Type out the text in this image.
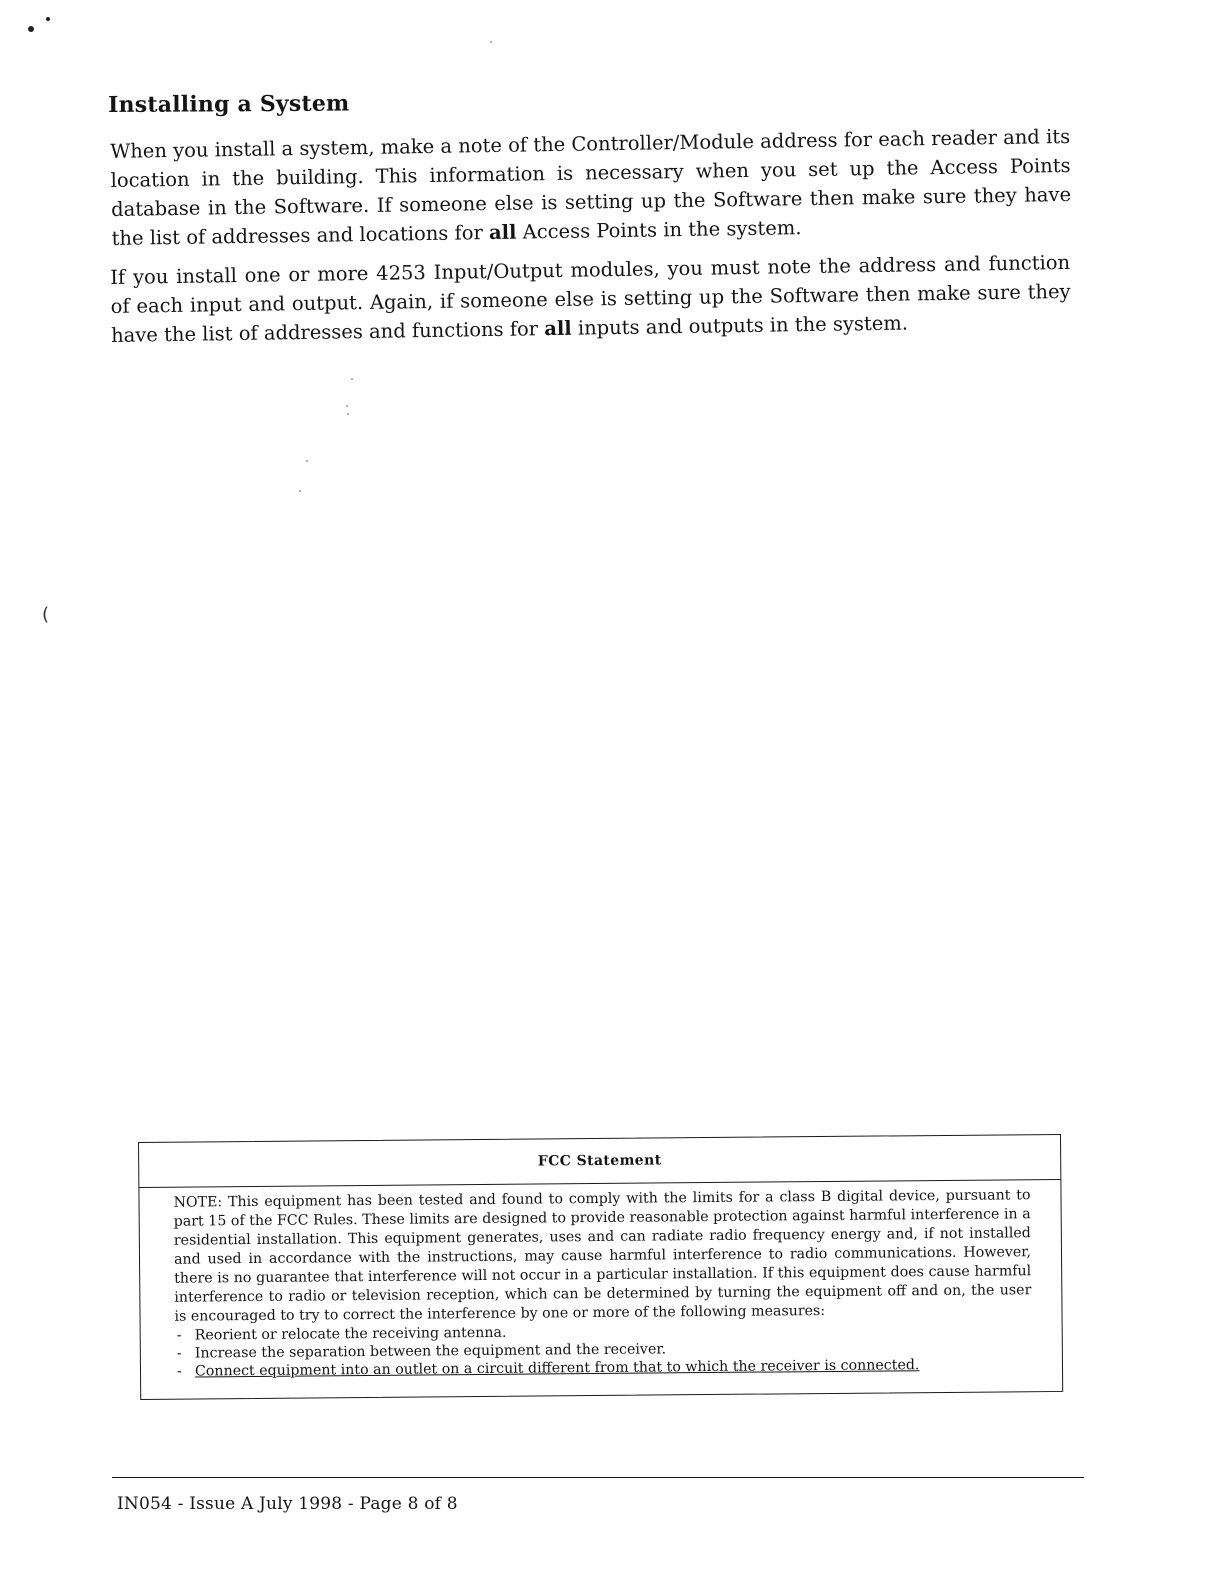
(
Installing a System

When you install a system, make a note of the Controller/Module address for each reader and its location in the building. This information is necessary when you set up the Access Points database in the Software. If someone else is setting up the Software then make sure they have the list of addresses and locations for all Access Points in the system.

If you install one or more 4253 Input/Output modules, you must note the address and function of each input and output. Again, if someone else is setting up the Software then make sure they have the list of addresses and functions for all inputs and outputs in the system.

FCC Statement
NOTE: This equipment has been tested and found to comply with the limits for a class B digital device, pursuant to part 15 of the FCC Rules. These limits are designed to provide reasonable protection against harmful interference in a residential installation. This equipment generates, uses and can radiate radio frequency energy and, if not installed and used in accordance with the instructions, may cause harmful interference to radio communications. However, there is no guarantee that interference will not occur in a particular installation. If this equipment does cause harmful interference to radio or television reception, which can be determined by turning the equipment off and on, the user is encouraged to try to correct the interference by one or more of the following measures:
- Reorient or relocate the receiving antenna.
- Increase the separation between the equipment and the receiver.
- Connect equipment into an outlet on a circuit different from that to which the receiver is connected.
IN054 - Issue A July 1998 - Page 8 of 8
